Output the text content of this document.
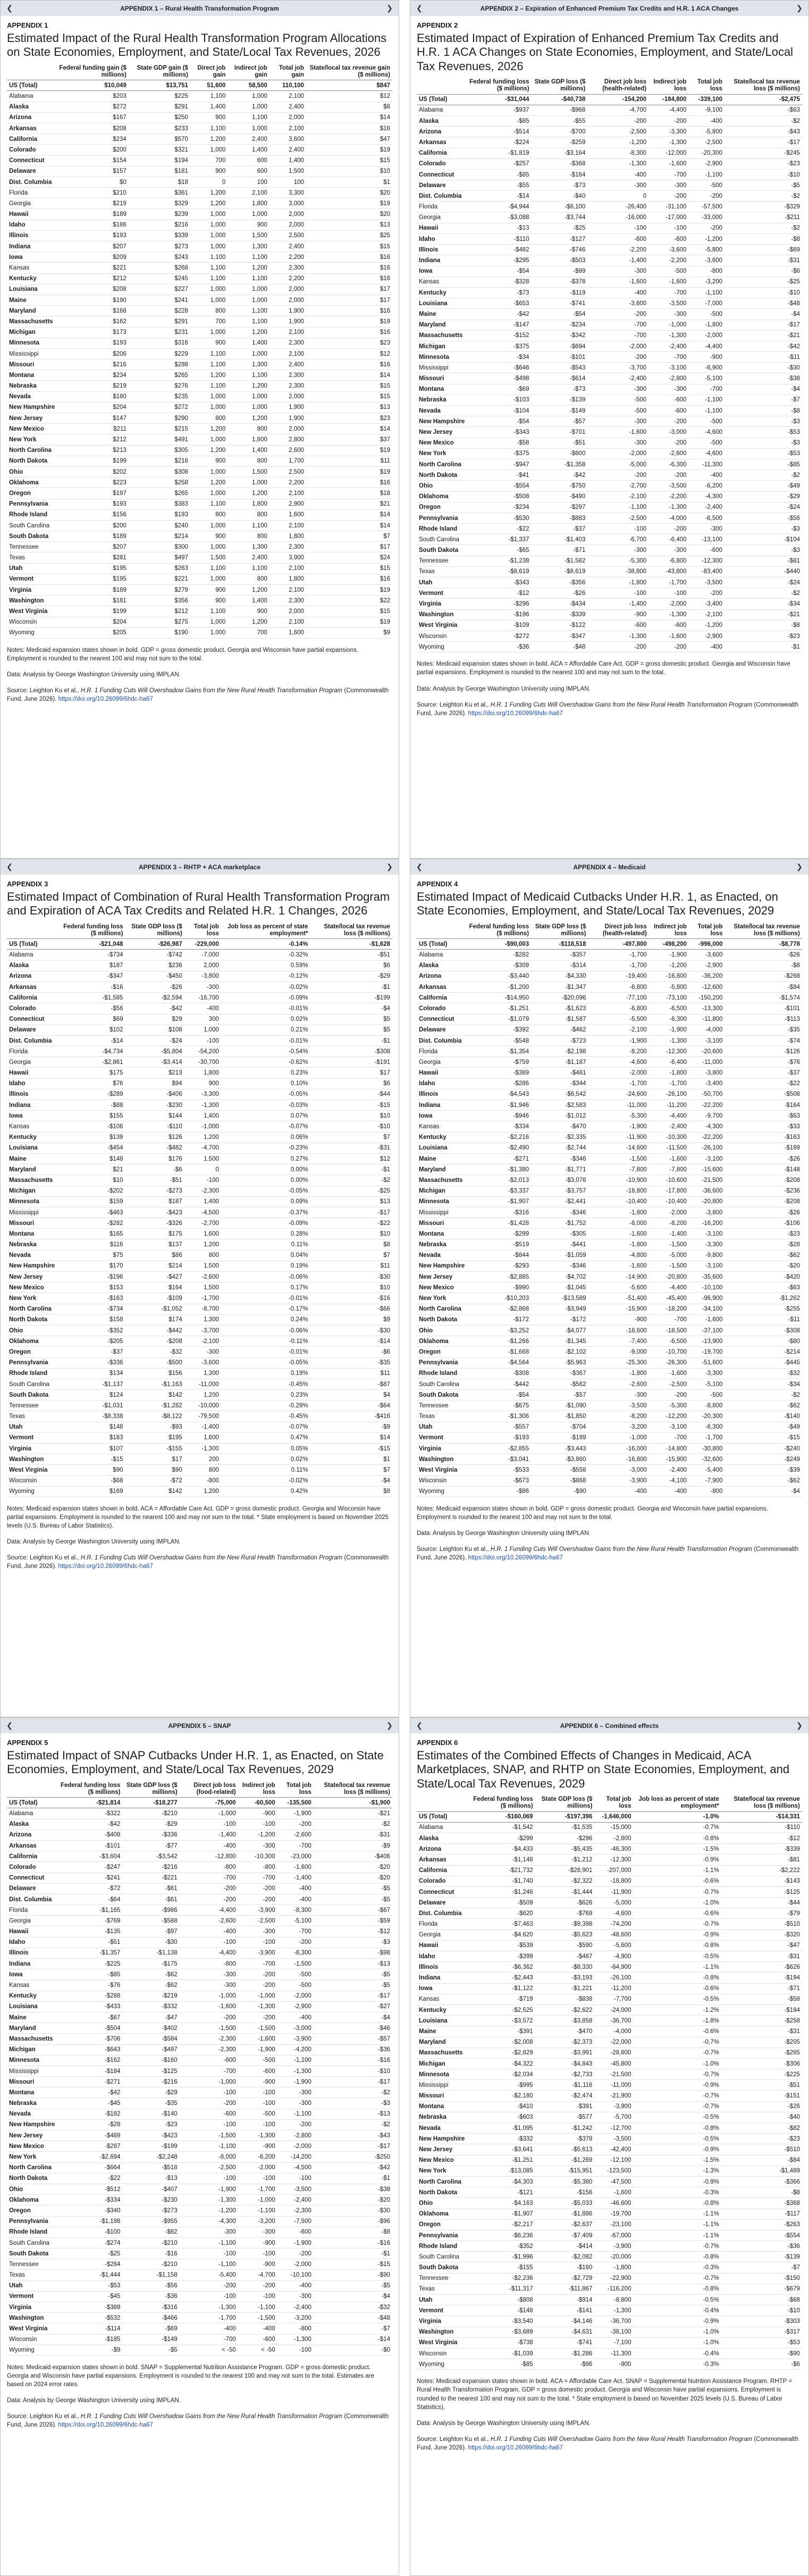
❮	APPENDIX 1 – Rural Health Transformation Program	❯
APPENDIX 1
Estimated Impact of the Rural Health Transformation Program Allocations on State Economies, Employment, and State/Local Tax Revenues, 2026
	Federal funding gain ($ millions)	State GDP gain ($ millions)	Direct job gain	Indirect job gain	Total job gain	State/local tax revenue gain ($ millions)
US (Total)	$10,049	$13,751	51,600	58,500	110,100	$847
Alabama	$203	$225	1,100	1,000	2,100	$12
Alaska	$272	$291	1,400	1,000	2,400	$8
Arizona	$167	$250	900	1,100	2,000	$14
Arkansas	$208	$233	1,100	1,000	2,100	$16
California	$234	$570	1,200	2,400	3,600	$47
Colorado	$200	$321	1,000	1,400	2,400	$19
Connecticut	$154	$194	700	600	1,400	$15
Delaware	$157	$181	900	600	1,500	$10
Dist. Columbia	$0	$18	0	100	100	$1
Florida	$210	$361	1,200	2,100	3,300	$20
Georgia	$219	$329	1,200	1,800	3,000	$19
Hawaii	$189	$239	1,000	1,000	2,000	$20
Idaho	$186	$216	1,000	900	2,000	$13
Illinois	$193	$339	1,000	1,500	2,500	$25
Indiana	$207	$273	1,000	1,300	2,400	$15
Iowa	$209	$243	1,100	1,100	2,200	$16
Kansas	$221	$268	1,100	1,200	2,300	$16
Kentucky	$212	$245	1,100	1,100	2,200	$16
Louisiana	$208	$227	1,000	1,000	2,000	$17
Maine	$190	$241	1,000	1,000	2,000	$17
Maryland	$168	$228	800	1,100	1,900	$16
Massachusetts	$162	$291	700	1,100	1,900	$19
Michigan	$173	$231	1,000	1,200	2,100	$16
Minnesota	$193	$316	900	1,400	2,300	$23
Mississippi	$206	$229	1,100	1,000	2,100	$12
Missouri	$216	$288	1,100	1,300	2,400	$16
Montana	$234	$265	1,200	1,100	2,300	$14
Nebraska	$219	$276	1,100	1,200	2,300	$15
Nevada	$180	$235	1,000	1,000	2,000	$15
New Hampshire	$204	$272	1,000	1,000	1,900	$13
New Jersey	$147	$290	800	1,200	1,900	$23
New Mexico	$211	$215	1,200	800	2,000	$14
New York	$212	$491	1,000	1,800	2,800	$37
North Carolina	$213	$305	1,200	1,400	2,600	$19
North Dakota	$199	$216	900	800	1,700	$11
Ohio	$202	$308	1,000	1,500	2,500	$19
Oklahoma	$223	$258	1,200	1,000	2,200	$16
Oregon	$197	$265	1,000	1,200	2,100	$18
Pennsylvania	$193	$383	1,100	1,800	2,900	$21
Rhode Island	$156	$193	800	800	1,600	$14
South Carolina	$200	$240	1,000	1,100	2,100	$14
South Dakota	$189	$214	900	800	1,800	$7
Tennessee	$207	$300	1,000	1,300	2,300	$17
Texas	$281	$497	1,500	2,400	3,900	$24
Utah	$195	$263	1,100	1,100	2,100	$15
Vermont	$195	$221	1,000	800	1,800	$16
Virginia	$189	$279	900	1,200	2,100	$19
Washington	$181	$356	900	1,400	2,300	$22
West Virginia	$199	$212	1,100	900	2,000	$15
Wisconsin	$204	$275	1,000	1,200	2,100	$19
Wyoming	$205	$190	1,000	700	1,600	$9

Notes: Medicaid expansion states shown in bold. GDP = gross domestic product. Georgia and Wisconsin have partial expansions. Employment is rounded to the nearest 100 and may not sum to the total.

Data: Analysis by George Washington University using IMPLAN.

Source: Leighton Ku et al., H.R. 1 Funding Cuts Will Overshadow Gains from the New Rural Health Transformation Program (Commonwealth Fund, June 2026). https://doi.org/10.26099/6hdc-ha67

❮	APPENDIX 2 – Expiration of Enhanced Premium Tax Credits and H.R. 1 ACA Changes	❯
APPENDIX 2
Estimated Impact of Expiration of Enhanced Premium Tax Credits and H.R. 1 ACA Changes on State Economies, Employment, and State/Local Tax Revenues, 2026
	Federal funding loss ($ millions)	State GDP loss ($ millions)	Direct job loss (health-related)	Indirect job loss	Total job loss	State/local tax revenue loss ($ millions)
US (Total)	-$31,044	-$40,738	-154,200	-184,800	-339,100	-$2,475
Alabama	-$937	-$968	-4,700	-4,400	-9,100	-$63
Alaska	-$85	-$55	-200	-200	-400	-$2
Arizona	-$514	-$700	-2,500	-3,300	-5,800	-$43
Arkansas	-$224	-$259	-1,200	-1,300	-2,500	-$17
California	-$1,819	-$3,164	-8,300	-12,000	-20,300	-$245
Colorado	-$257	-$368	-1,300	-1,600	-2,900	-$23
Connecticut	-$85	-$164	-400	-700	-1,100	-$10
Delaware	-$55	-$73	-300	-300	-500	-$5
Dist. Columbia	-$14	-$40	0	-200	-200	-$2
Florida	-$4,944	-$6,100	-26,400	-31,100	-57,500	-$329
Georgia	-$3,088	-$3,744	-16,000	-17,000	-33,000	-$211
Hawaii	-$13	-$25	-100	-100	-200	-$2
Idaho	-$110	-$127	-600	-600	-1,200	-$8
Illinois	-$482	-$746	-2,200	-3,600	-5,800	-$69
Indiana	-$295	-$503	-1,400	-2,200	-3,600	-$31
Iowa	-$54	-$99	-300	-500	-800	-$6
Kansas	-$328	-$378	-1,600	-1,600	-3,200	-$25
Kentucky	-$73	-$119	-400	-700	-1,100	-$10
Louisiana	-$653	-$741	-3,600	-3,500	-7,000	-$48
Maine	-$42	-$54	-200	-300	-500	-$4
Maryland	-$147	-$234	-700	-1,000	-1,800	-$17
Massachusetts	-$152	-$342	-700	-1,300	-2,000	-$21
Michigan	-$375	-$694	-2,000	-2,400	-4,400	-$42
Minnesota	-$34	-$101	-200	-700	-900	-$11
Mississippi	-$646	-$543	-3,700	-3,100	-6,900	-$30
Missouri	-$498	-$614	-2,400	-2,800	-5,100	-$38
Montana	-$69	-$73	-300	-300	-700	-$4
Nebraska	-$103	-$139	-500	-600	-1,100	-$7
Nevada	-$104	-$149	-500	-600	-1,100	-$8
New Hampshire	-$54	-$57	-300	-200	-500	-$3
New Jersey	-$343	-$701	-1,600	-3,000	-4,600	-$53
New Mexico	-$58	-$51	-300	-200	-500	-$3
New York	-$375	-$600	-2,000	-2,600	-4,600	-$53
North Carolina	-$947	-$1,358	-5,000	-6,300	-11,300	-$85
North Dakota	-$41	-$42	-200	-200	-400	-$2
Ohio	-$554	-$750	-2,700	-3,500	-6,200	-$49
Oklahoma	-$508	-$490	-2,100	-2,200	-4,300	-$29
Oregon	-$234	-$297	-1,100	-1,300	-2,400	-$24
Pennsylvania	-$530	-$883	-2,500	-4,000	-6,500	-$56
Rhode Island	-$22	-$37	-100	-200	-300	-$3
South Carolina	-$1,337	-$1,403	-6,700	-6,400	-13,100	-$104
South Dakota	-$65	-$71	-300	-300	-600	-$3
Tennessee	-$1,238	-$1,582	-5,300	-6,800	-12,300	-$81
Texas	-$8,619	-$8,619	-38,800	-43,800	-83,400	-$440
Utah	-$343	-$356	-1,800	-1,700	-3,500	-$24
Vermont	-$12	-$26	-100	-100	-200	-$2
Virginia	-$296	-$434	-1,400	-2,000	-3,400	-$34
Washington	-$196	-$339	-900	-1,300	-2,100	-$21
West Virginia	-$109	-$122	-600	-600	-1,200	-$8
Wisconsin	-$272	-$347	-1,300	-1,600	-2,900	-$23
Wyoming	-$36	-$48	-200	-200	-400	-$1

Notes: Medicaid expansion states shown in bold. ACA = Affordable Care Act. GDP = gross domestic product. Georgia and Wisconsin have partial expansions. Employment is rounded to the nearest 100 and may not sum to the total.

Data: Analysis by George Washington University using IMPLAN.

Source: Leighton Ku et al., H.R. 1 Funding Cuts Will Overshadow Gains from the New Rural Health Transformation Program (Commonwealth Fund, June 2026). https://doi.org/10.26099/6hdc-ha67

❮	APPENDIX 3 – RHTP + ACA marketplace	❯
APPENDIX 3
Estimated Impact of Combination of Rural Health Transformation Program and Expiration of ACA Tax Credits and Related H.R. 1 Changes, 2026
	Federal funding loss ($ millions)	State GDP loss ($ millions)	Total job loss	Job loss as percent of state employment*	State/local tax revenue loss ($ millions)
US (Total)	-$21,048	-$26,987	-229,000	-0.14%	-$1,628
Alabama	-$734	-$742	-7,000	-0.32%	-$51
Alaska	$187	$236	2,000	0.59%	$6
Arizona	-$347	-$450	-3,800	-0.12%	-$29
Arkansas	-$16	-$26	-300	-0.02%	-$1
California	-$1,585	-$2,594	-16,700	-0.09%	-$199
Colorado	-$56	-$42	-400	-0.01%	-$4
Connecticut	$69	$29	300	0.02%	$5
Delaware	$102	$108	1,000	0.21%	$5
Dist. Columbia	-$14	-$24	-100	-0.01%	-$1
Florida	-$4,734	-$5,804	-54,200	-0.54%	-$308
Georgia	-$2,861	-$3,414	-30,700	-0.62%	-$191
Hawaii	$175	$213	1,800	0.23%	$17
Idaho	$76	$94	900	0.10%	$6
Illinois	-$289	-$406	-3,300	-0.05%	-$44
Indiana	-$88	-$230	-1,300	-0.03%	-$15
Iowa	$155	$144	1,400	0.07%	$10
Kansas	-$106	-$110	-1,000	-0.07%	-$10
Kentucky	$139	$126	1,200	0.06%	$7
Louisiana	-$454	-$482	-4,700	-0.23%	-$31
Maine	$148	$176	1,500	0.27%	$12
Maryland	$21	-$6	0	0.00%	-$1
Massachusetts	$10	-$51	-100	0.00%	-$2
Michigan	-$202	-$273	-2,300	-0.05%	-$25
Minnesota	$159	$187	1,400	0.09%	$13
Mississippi	-$463	-$423	-4,500	-0.37%	-$17
Missouri	-$282	-$326	-2,700	-0.09%	-$22
Montana	$165	$175	1,600	0.28%	$10
Nebraska	$116	$137	1,200	0.11%	$8
Nevada	$75	$86	800	0.04%	$7
New Hampshire	$170	$214	1,500	0.19%	$11
New Jersey	-$196	-$427	-2,600	-0.06%	-$30
New Mexico	$153	$164	1,500	0.17%	$10
New York	-$163	-$109	-1,700	-0.01%	-$16
North Carolina	-$734	-$1,052	-8,700	-0.17%	-$66
North Dakota	$158	$174	1,300	0.24%	$9
Ohio	-$352	-$442	-3,700	-0.06%	-$30
Oklahoma	-$205	-$208	-2,100	-0.11%	-$14
Oregon	-$37	-$32	-300	-0.01%	-$6
Pennsylvania	-$336	-$500	-3,600	-0.05%	-$35
Rhode Island	$134	$156	1,300	0.19%	$11
South Carolina	-$1,137	-$1,163	-11,000	-0.45%	-$87
South Dakota	$124	$142	1,200	0.23%	$4
Tennessee	-$1,031	-$1,282	-10,000	-0.29%	-$64
Texas	-$8,338	-$8,122	-79,500	-0.45%	-$416
Utah	$148	-$93	-1,400	-0.07%	-$9
Vermont	$183	$195	1,600	0.47%	$14
Virginia	$107	-$155	-1,300	0.05%	-$15
Washington	-$15	$17	200	0.02%	$1
West Virginia	$90	$90	800	0.11%	$7
Wisconsin	-$68	-$72	-800	-0.02%	-$4
Wyoming	$169	$142	1,200	0.42%	$8

Notes: Medicaid expansion states shown in bold. ACA = Affordable Care Act. GDP = gross domestic product. Georgia and Wisconsin have partial expansions. Employment is rounded to the nearest 100 and may not sum to the total. * State employment is based on November 2025 levels (U.S. Bureau of Labor Statistics).

Data: Analysis by George Washington University using IMPLAN.

Source: Leighton Ku et al., H.R. 1 Funding Cuts Will Overshadow Gains from the New Rural Health Transformation Program (Commonwealth Fund, June 2026). https://doi.org/10.26099/6hdc-ha67

❮	APPENDIX 4 – Medicaid	❯
APPENDIX 4
Estimated Impact of Medicaid Cutbacks Under H.R. 1, as Enacted, on State Economies, Employment, and State/Local Tax Revenues, 2029
	Federal funding loss ($ millions)	State GDP loss ($ millions)	Direct job loss (health-related)	Indirect job loss	Total job loss	State/local tax revenue loss ($ millions)
US (Total)	-$90,003	-$118,518	-497,800	-498,200	-996,000	-$8,778
Alabama	-$282	-$357	-1,700	-1,900	-3,600	-$26
Alaska	-$309	-$314	-1,700	-1,200	-2,900	-$8
Arizona	-$3,440	-$4,330	-19,400	-16,800	-36,200	-$268
Arkansas	-$1,200	-$1,347	-6,800	-5,800	-12,600	-$84
California	-$14,950	-$20,096	-77,100	-73,100	-150,200	-$1,574
Colorado	-$1,251	-$1,623	-6,800	-6,500	-13,300	-$101
Connecticut	-$1,079	-$1,587	-5,500	-6,300	-11,800	-$113
Delaware	-$392	-$462	-2,100	-1,900	-4,000	-$35
Dist. Columbia	-$548	-$723	-1,900	-1,300	-3,100	-$74
Florida	-$1,354	-$2,198	-8,200	-12,300	-20,600	-$126
Georgia	-$759	-$1,187	-4,600	-6,400	-11,000	-$76
Hawaii	-$389	-$481	-2,000	-1,800	-3,800	-$37
Idaho	-$286	-$344	-1,700	-1,700	-3,400	-$22
Illinois	-$4,543	-$6,542	-24,600	-26,100	-50,700	-$508
Indiana	-$1,946	-$2,583	-11,000	-11,200	-22,200	-$164
Iowa	-$946	-$1,012	-5,300	-4,400	-9,700	-$63
Kansas	-$334	-$470	-1,900	-2,400	-4,300	-$33
Kentucky	-$2,216	-$2,335	-11,900	-10,300	-22,200	-$163
Louisiana	-$2,490	-$2,744	-14,600	-11,500	-26,100	-$189
Maine	-$271	-$346	-1,500	-1,600	-3,100	-$26
Maryland	-$1,380	-$1,771	-7,800	-7,800	-15,600	-$148
Massachusetts	-$2,013	-$3,076	-10,900	-10,600	-21,500	-$208
Michigan	-$3,337	-$3,757	-18,800	-17,800	-36,600	-$236
Minnesota	-$1,907	-$2,441	-10,400	-10,400	-20,800	-$208
Mississippi	-$316	-$346	-1,800	-2,000	-3,800	-$26
Missouri	-$1,428	-$1,752	-8,000	-8,200	-16,200	-$106
Montana	-$299	-$305	-1,600	-1,400	-3,100	-$23
Nebraska	-$519	-$441	-1,800	-1,500	-3,300	-$28
Nevada	-$844	-$1,059	-4,800	-5,000	-9,800	-$62
New Hampshire	-$293	-$346	-1,600	-1,500	-3,100	-$20
New Jersey	-$2,885	-$4,702	-14,900	-20,800	-35,600	-$420
New Mexico	-$990	-$1,045	-5,600	-4,400	-10,100	-$63
New York	-$10,203	-$13,589	-51,400	-45,400	-96,900	-$1,262
North Carolina	-$2,868	-$3,949	-15,900	-18,200	-34,100	-$255
North Dakota	-$172	-$172	-900	-700	-1,600	-$11
Ohio	-$3,252	-$4,077	-18,600	-18,500	-37,100	-$308
Oklahoma	-$1,266	-$1,345	-7,400	-6,500	-13,900	-$80
Oregon	-$1,668	-$2,102	-9,000	-10,700	-19,700	-$214
Pennsylvania	-$4,564	-$5,963	-25,300	-26,300	-51,600	-$445
Rhode Island	-$308	-$367	-1,800	-1,600	-3,300	-$32
South Carolina	-$442	-$562	-2,600	-2,500	-5,100	-$34
South Dakota	-$54	-$57	-300	-200	-500	-$2
Tennessee	-$675	-$1,090	-3,500	-5,300	-8,800	-$62
Texas	-$1,306	-$1,850	-8,200	-12,200	-20,300	-$140
Utah	-$557	-$704	-3,200	-3,100	-6,300	-$49
Vermont	-$193	-$189	-1,000	-700	-1,700	-$15
Virginia	-$2,855	-$3,443	-16,000	-14,800	-30,800	-$240
Washington	-$3,041	-$3,860	-16,800	-15,900	-32,600	-$249
West Virginia	-$533	-$558	-3,000	-2,400	-5,400	-$39
Wisconsin	-$673	-$868	-3,900	-4,100	-7,900	-$62
Wyoming	-$86	-$90	-400	-400	-800	-$4

Notes: Medicaid expansion states shown in bold. GDP = gross domestic product. Georgia and Wisconsin have partial expansions. Employment is rounded to the nearest 100 and may not sum to the total.

Data: Analysis by George Washington University using IMPLAN.

Source: Leighton Ku et al., H.R. 1 Funding Cuts Will Overshadow Gains from the New Rural Health Transformation Program (Commonwealth Fund, June 2026). https://doi.org/10.26099/6hdc-ha67

❮	APPENDIX 5 – SNAP	❯
APPENDIX 5
Estimated Impact of SNAP Cutbacks Under H.R. 1, as Enacted, on State Economies, Employment, and State/Local Tax Revenues, 2029
	Federal funding loss ($ millions)	State GDP loss ($ millions)	Direct job loss (food-related)	Indirect job loss	Total job loss	State/local tax revenue loss ($ millions)
US (Total)	-$21,814	-$18,277	-75,000	-60,500	-135,500	-$1,900
Alabama	-$322	-$210	-1,000	-900	-1,900	-$21
Alaska	-$42	-$29	-100	-100	-200	-$2
Arizona	-$408	-$336	-1,400	-1,200	-2,600	-$31
Arkansas	-$101	-$77	-400	-300	-700	-$9
California	-$3,604	-$3,542	-12,800	-10,300	-23,000	-$406
Colorado	-$247	-$216	-800	-800	-1,600	-$20
Connecticut	-$241	-$221	-700	-700	-1,400	-$20
Delaware	-$72	-$61	-200	-200	-400	-$5
Dist. Columbia	-$64	-$61	-200	-200	-400	-$5
Florida	-$1,165	-$986	-4,400	-3,900	-8,300	-$67
Georgia	-$769	-$588	-2,600	-2,500	-5,100	-$59
Hawaii	-$135	-$97	-400	-300	-700	-$12
Idaho	-$51	-$30	-100	-100	-200	-$3
Illinois	-$1,357	-$1,138	-4,400	-3,900	-8,300	-$98
Indiana	-$225	-$175	-800	-700	-1,500	-$13
Iowa	-$85	-$62	-300	-200	-500	-$5
Kansas	-$76	-$62	-300	-200	-500	-$5
Kentucky	-$288	-$219	-1,000	-1,000	-2,000	-$17
Louisiana	-$433	-$332	-1,600	-1,300	-2,900	-$27
Maine	-$67	-$47	-200	-200	-400	-$4
Maryland	-$504	-$402	-1,500	-1,500	-3,000	-$46
Massachusetts	-$706	-$584	-2,300	-1,600	-3,900	-$57
Michigan	-$643	-$497	-2,300	-1,900	-4,200	-$36
Minnesota	-$162	-$160	-600	-500	-1,100	-$16
Mississippi	-$184	-$125	-700	-600	-1,300	-$10
Missouri	-$271	-$216	-1,000	-900	-1,900	-$17
Montana	-$42	-$29	-100	-100	-300	-$2
Nebraska	-$45	-$35	-200	-100	-300	-$3
Nevada	-$182	-$140	-600	-500	-1,100	-$13
New Hampshire	-$28	-$23	-100	-100	-200	-$2
New Jersey	-$489	-$423	-1,500	-1,300	-2,800	-$43
New Mexico	-$287	-$199	-1,100	-900	-2,000	-$17
New York	-$2,694	-$2,248	-8,000	-6,200	-14,200	-$250
North Carolina	-$664	-$518	-2,500	-2,000	-4,500	-$42
North Dakota	-$22	-$13	-100	-100	-100	-$1
Ohio	-$512	-$407	-1,900	-1,700	-3,500	-$38
Oklahoma	-$334	-$230	-1,300	-1,000	-2,400	-$20
Oregon	-$340	-$273	-1,200	-1,100	-2,300	-$30
Pennsylvania	-$1,198	-$955	-4,300	-3,200	-7,500	-$96
Rhode Island	-$100	-$82	-300	-300	-600	-$8
South Carolina	-$274	-$210	-1,100	-900	-1,900	-$16
South Dakota	-$25	-$16	-100	-100	-200	-$1
Tennessee	-$284	-$210	-1,100	-900	-2,000	-$15
Texas	-$1,444	-$1,158	-5,400	-4,700	-10,100	-$90
Utah	-$53	-$56	-200	-200	-400	-$5
Vermont	-$45	-$36	-100	-100	-300	-$4
Virginia	-$389	-$316	-1,300	-1,100	-2,400	-$32
Washington	-$532	-$466	-1,700	-1,500	-3,200	-$48
West Virginia	-$114	-$69	-400	-400	-800	-$7
Wisconsin	-$185	-$149	-700	-600	-1,300	-$14
Wyoming	-$9	-$5	< -50	< -50	-100	-$0

Notes: Medicaid expansion states shown in bold. SNAP = Supplemental Nutrition Assistance Program. GDP = gross domestic product. Georgia and Wisconsin have partial expansions. Employment is rounded to the nearest 100 and may not sum to the total. Estimates are based on 2024 error rates.

Data: Analysis by George Washington University using IMPLAN.

Source: Leighton Ku et al., H.R. 1 Funding Cuts Will Overshadow Gains from the New Rural Health Transformation Program (Commonwealth Fund, June 2026). https://doi.org/10.26099/6hdc-ha67

❮	APPENDIX 6 – Combined effects	❯
APPENDIX 6
Estimates of the Combined Effects of Changes in Medicaid, ACA Marketplaces, SNAP, and RHTP on State Economies, Employment, and State/Local Tax Revenues, 2029
	Federal funding loss ($ millions)	State GDP loss ($ millions)	Total job loss	Job loss as percent of state employment*	State/local tax revenue loss ($ millions)
US (Total)	-$160,069	-$197,396	-1,646,000	-1.0%	-$14,331
Alabama	-$1,542	-$1,535	-15,000	-0.7%	-$110
Alaska	-$299	-$296	-2,800	-0.8%	-$12
Arizona	-$4,433	-$5,435	-46,300	-1.5%	-$339
Arkansas	-$1,148	-$1,212	-12,300	-0.9%	-$81
California	-$21,732	-$28,901	-207,000	-1.1%	-$2,222
Colorado	-$1,740	-$2,322	-18,800	-0.6%	-$143
Connecticut	-$1,246	-$1,444	-11,900	-0.7%	-$125
Delaware	-$509	-$626	-5,000	-1.0%	-$44
Dist. Columbia	-$620	-$769	-4,600	-0.6%	-$79
Florida	-$7,463	-$9,398	-74,200	-0.7%	-$510
Georgia	-$4,620	-$5,623	-48,600	-0.9%	-$320
Hawaii	-$539	-$590	-5,600	-0.8%	-$47
Idaho	-$399	-$467	-4,900	-0.5%	-$31
Illinois	-$6,362	-$8,330	-64,900	-1.1%	-$626
Indiana	-$2,443	-$3,193	-26,100	-0.8%	-$194
Iowa	-$1,122	-$1,221	-11,200	-0.6%	-$71
Kansas	-$719	-$838	-7,700	-0.5%	-$58
Kentucky	-$2,525	-$2,622	-24,000	-1.2%	-$184
Louisiana	-$3,572	-$3,858	-36,700	-1.8%	-$258
Maine	-$391	-$470	-4,000	-0.6%	-$31
Maryland	-$2,008	-$2,373	-22,000	-0.7%	-$205
Massachusetts	-$2,829	-$3,991	-28,600	-0.7%	-$265
Michigan	-$4,322	-$4,843	-45,800	-1.0%	-$306
Minnesota	-$2,034	-$2,733	-21,500	-0.7%	-$225
Mississippi	-$995	-$1,116	-11,000	-0.9%	-$51
Missouri	-$2,180	-$2,474	-21,900	-0.7%	-$151
Montana	-$410	-$391	-3,900	-0.7%	-$26
Nebraska	-$603	-$577	-5,700	-0.5%	-$40
Nevada	-$1,095	-$1,242	-12,700	-0.8%	-$82
New Hampshire	-$332	-$378	-3,500	-0.5%	-$23
New Jersey	-$3,641	-$5,613	-42,400	-0.9%	-$510
New Mexico	-$1,251	-$1,269	-12,100	-1.5%	-$84
New York	-$13,085	-$15,951	-123,500	-1.3%	-$1,489
North Carolina	-$4,303	-$5,380	-47,500	-0.9%	-$366
North Dakota	-$121	-$156	-1,600	-0.3%	-$8
Ohio	-$4,163	-$5,033	-46,600	-0.8%	-$368
Oklahoma	-$1,907	-$1,886	-19,700	-1.1%	-$117
Oregon	-$2,217	-$2,637	-23,100	-1.1%	-$263
Pennsylvania	-$6,236	-$7,409	-67,000	-1.1%	-$554
Rhode Island	-$352	-$414	-3,900	-0.7%	-$36
South Carolina	-$1,996	-$2,082	-20,000	-0.8%	-$139
South Dakota	-$155	-$160	-1,800	-0.3%	-$7
Tennessee	-$2,236	-$2,729	-22,900	-0.7%	-$150
Texas	-$11,317	-$11,867	-116,200	-0.8%	-$679
Utah	-$808	-$914	-8,800	-0.5%	-$68
Vermont	-$148	-$141	-1,300	-0.4%	-$10
Virginia	-$3,540	-$4,146	-36,700	-0.9%	-$303
Washington	-$3,689	-$4,631	-38,100	-1.0%	-$317
West Virginia	-$738	-$741	-7,100	-1.0%	-$53
Wisconsin	-$1,039	-$1,286	-11,300	-0.4%	-$90
Wyoming	-$85	-$96	-900	-0.3%	-$6

Notes: Medicaid expansion states shown in bold. ACA = Affordable Care Act. SNAP = Supplemental Nutrition Assistance Program. RHTP = Rural Health Transformation Program. GDP = gross domestic product. Georgia and Wisconsin have partial expansions. Employment is rounded to the nearest 100 and may not sum to the total. * State employment is based on November 2025 levels (U.S. Bureau of Labor Statistics).

Data: Analysis by George Washington University using IMPLAN.

Source: Leighton Ku et al., H.R. 1 Funding Cuts Will Overshadow Gains from the New Rural Health Transformation Program (Commonwealth Fund, June 2026). https://doi.org/10.26099/6hdc-ha67
